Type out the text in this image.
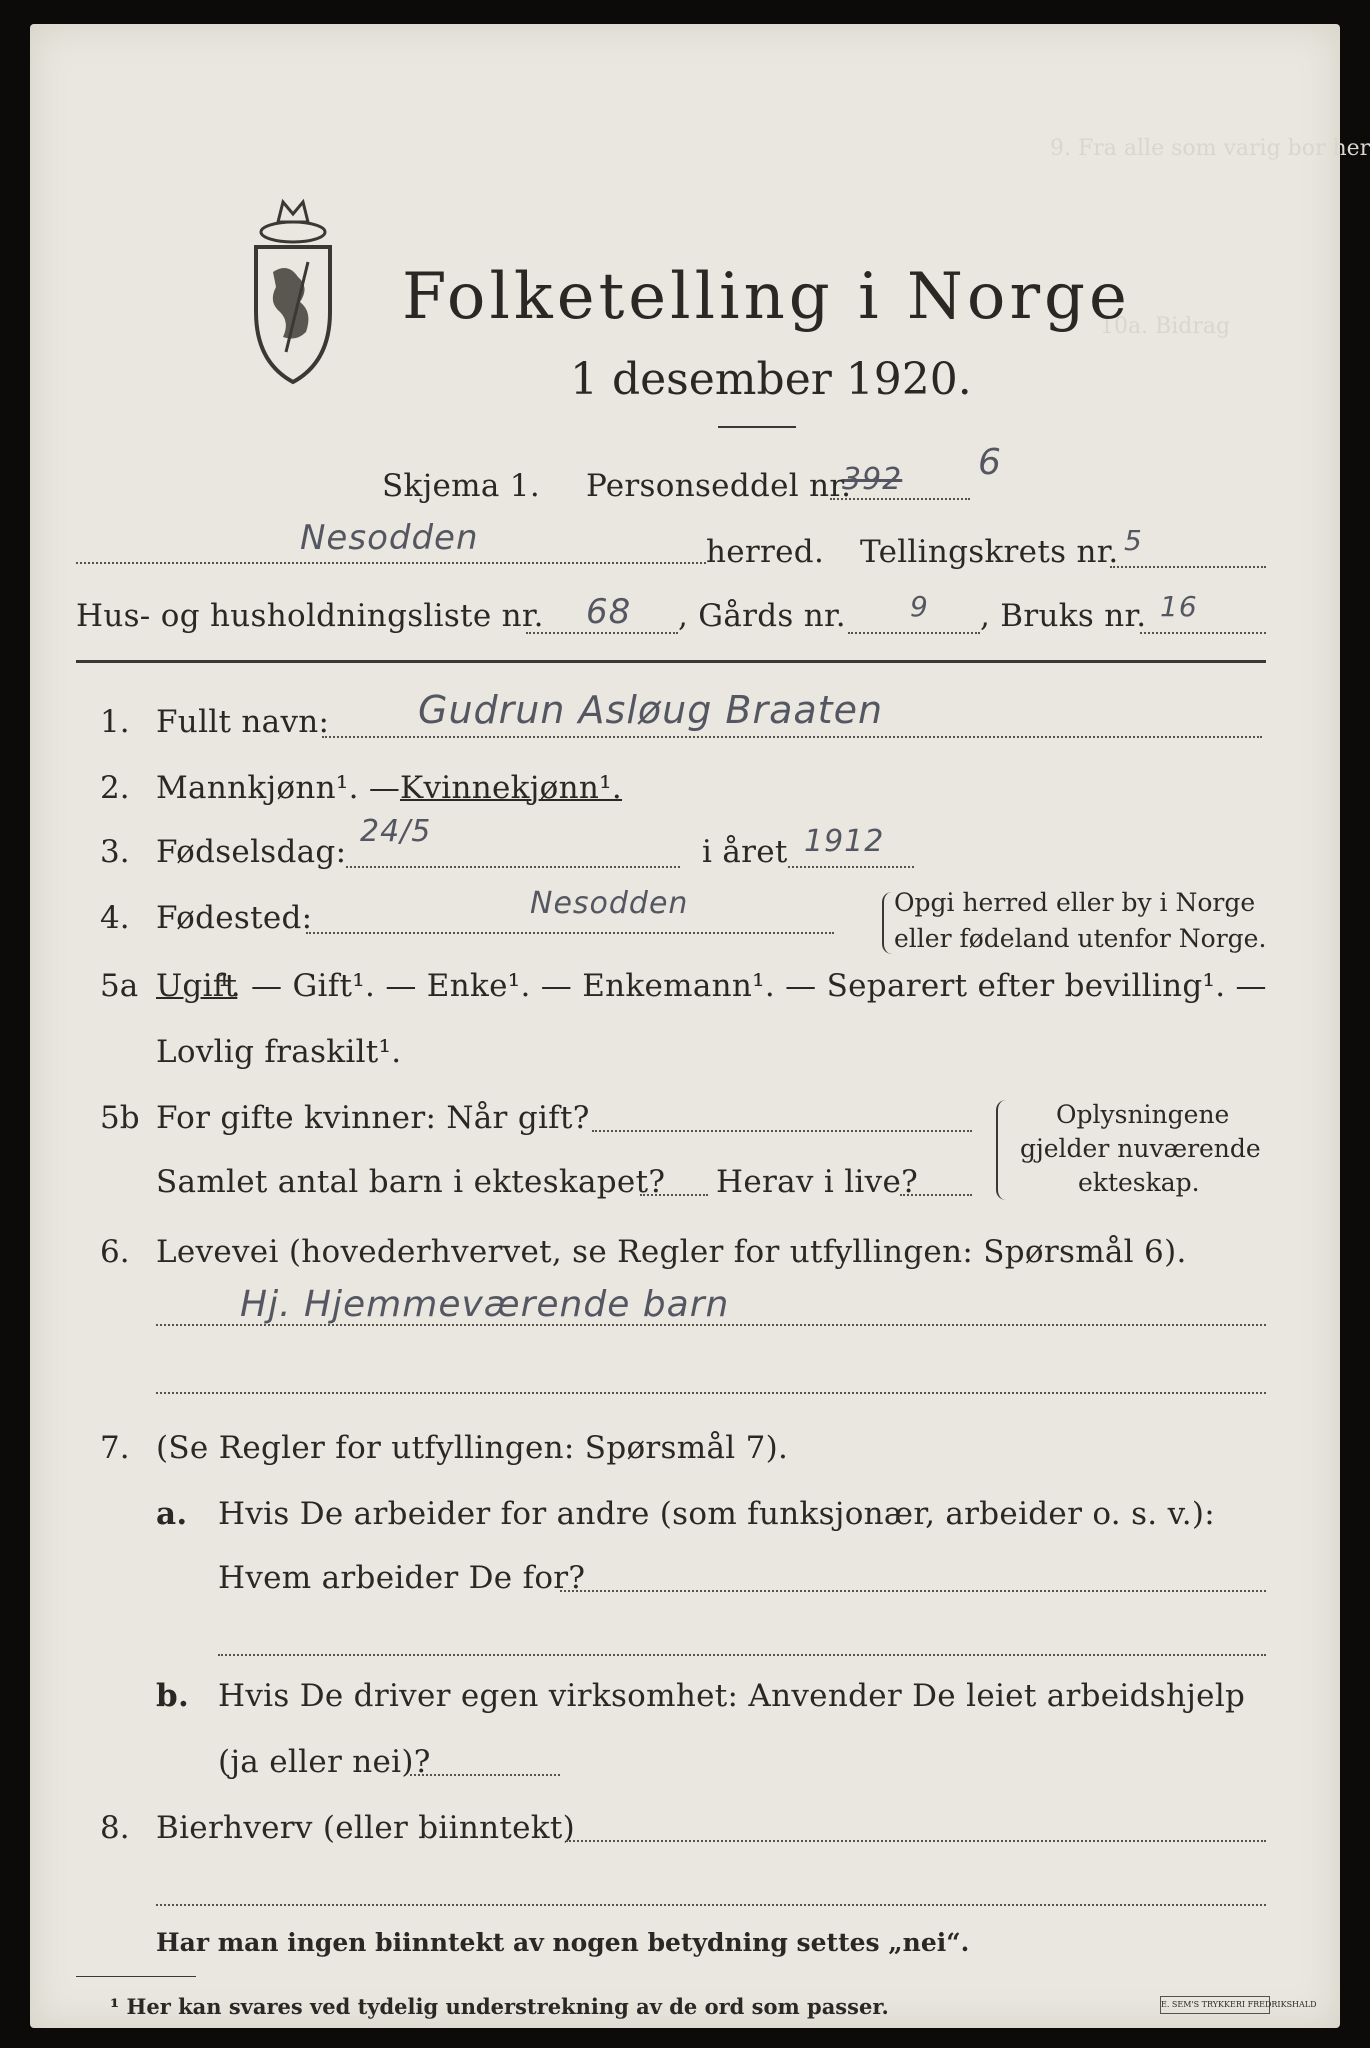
9. Fra alle som varig bor her
10a. Bidrag
Folketelling i Norge
1 desember 1920.
Skjema 1. Personseddel nr.
392 6
Nesodden	herred. Tellingskrets nr. 5
Hus- og husholdningsliste nr. 68 , Gårds nr. 9 , Bruks nr. 16
1. Fullt navn: Gudrun Asløug Braaten
2. Mannkjønn¹. — Kvinnekjønn¹.
3. Fødselsdag:
24/5
i året 1912
4. Fødested:	Nesodden	Opgi herred eller by i Norge
eller fødeland utenfor Norge.
5a Ugift
¹. — Gift¹. — Enke¹. — Enkemann¹. — Separert efter bevilling¹. —
Lovlig fraskilt¹.
5b For gifte kvinner: Når gift?
Samlet antal barn i ekteskapet? Herav i live?
Oplysningene
gjelder nuværende
ekteskap.
6. Levevei (hovederhvervet, se Regler for utfyllingen: Spørsmål 6).
Hj. Hjemmeværende barn
7. (Se Regler for utfyllingen: Spørsmål 7).
a. Hvis De arbeider for andre (som funksjonær, arbeider o. s. v.):
Hvem arbeider De for?
b. Hvis De driver egen virksomhet: Anvender De leiet arbeidshjelp
(ja eller nei)?
8. Bierhverv (eller biinntekt)
Har man ingen biinntekt av nogen betydning settes „nei“.
¹ Her kan svares ved tydelig understrekning av de ord som passer.	E. SEM'S TRYKKERI FREDRIKSHALD
